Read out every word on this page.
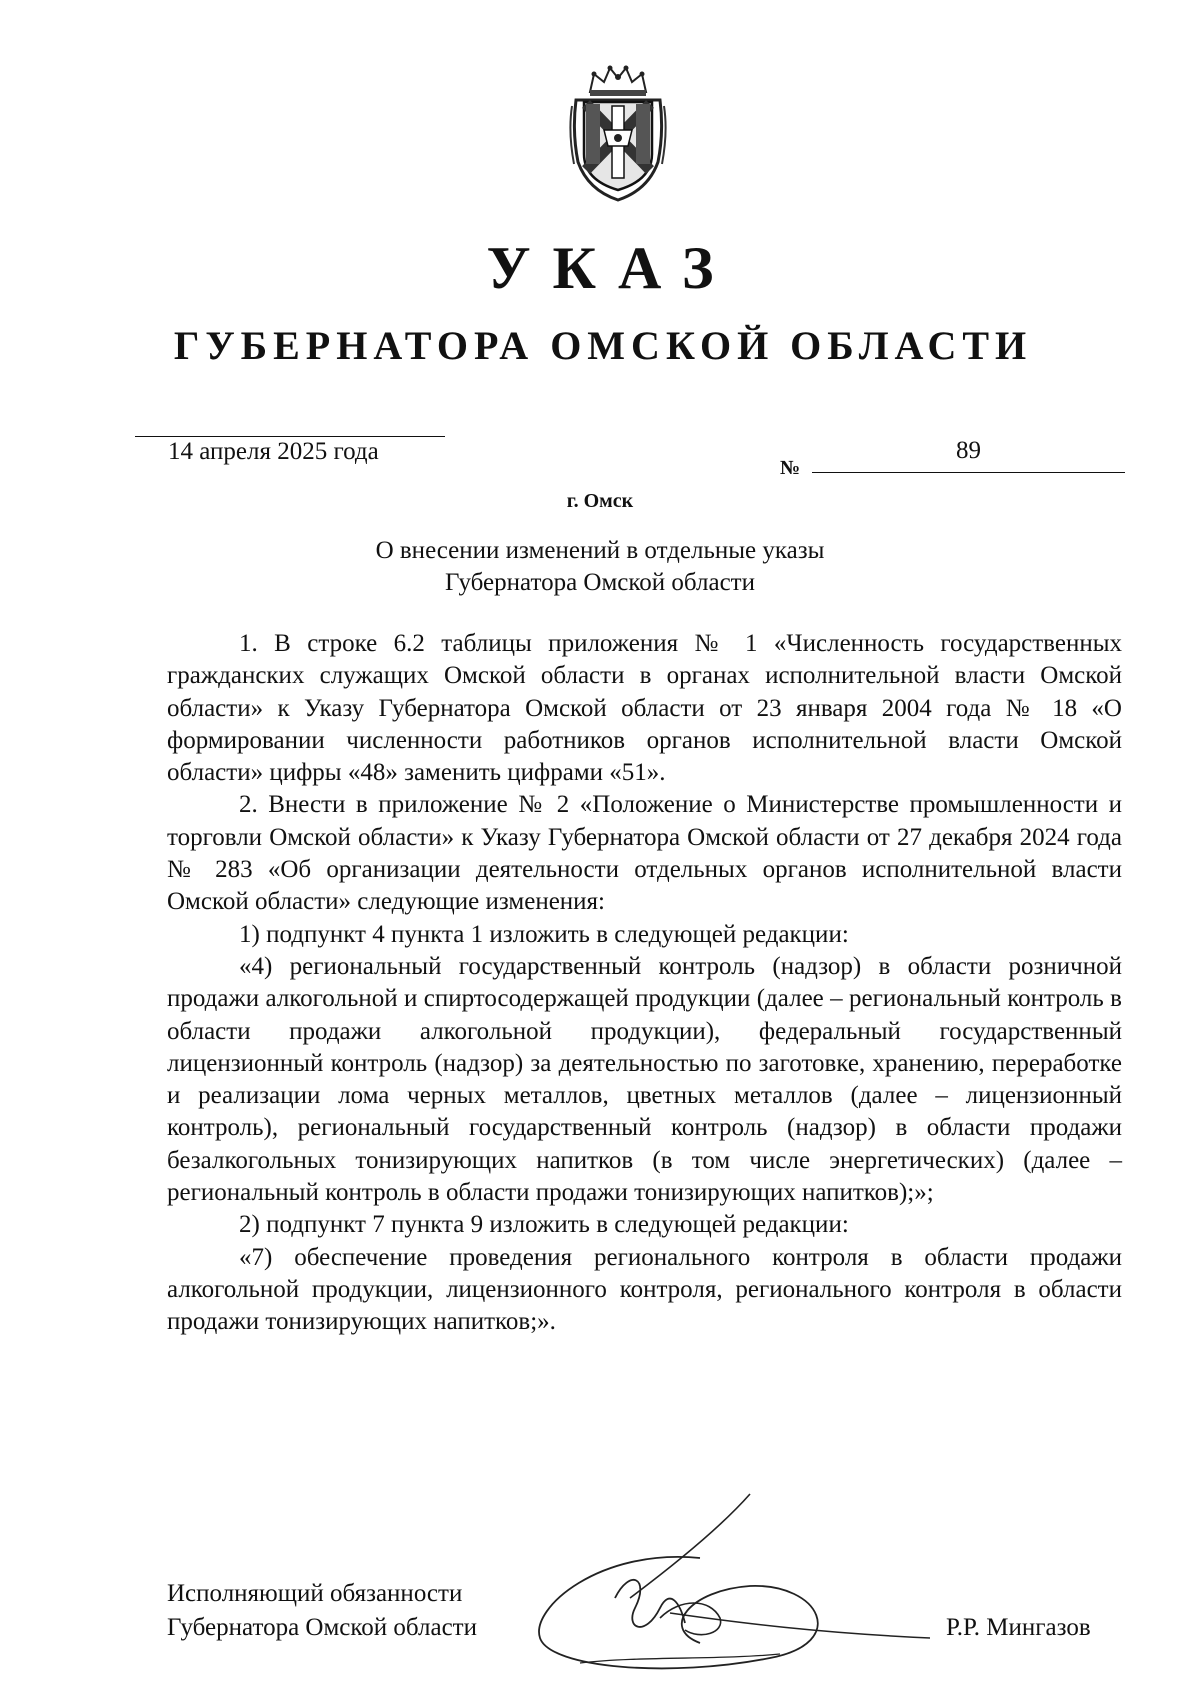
УКАЗ
ГУБЕРНАТОРА ОМСКОЙ ОБЛАСТИ
14 апреля 2025 года
№
89
г. Омск
О внесении изменений в отдельные указы
Губернатора Омской области

1. В строке 6.2 таблицы приложения № 1 «Численность государственных гражданских служащих Омской области в органах исполнительной власти Омской области» к Указу Губернатора Омской области от 23 января 2004 года № 18 «О формировании численности работников органов исполнительной власти Омской области» цифры «48» заменить цифрами «51».

2. Внести в приложение № 2 «Положение о Министерстве промышленности и торговли Омской области» к Указу Губернатора Омской области от 27 декабря 2024 года № 283 «Об организации деятельности отдельных органов исполнительной власти Омской области» следующие изменения:

1) подпункт 4 пункта 1 изложить в следующей редакции:

«4) региональный государственный контроль (надзор) в области розничной продажи алкогольной и спиртосодержащей продукции (далее – региональный контроль в области продажи алкогольной продукции), федеральный государственный лицензионный контроль (надзор) за деятельностью по заготовке, хранению, переработке и реализации лома черных металлов, цветных металлов (далее – лицензионный контроль), региональный государственный контроль (надзор) в области продажи безалкогольных тонизирующих напитков (в том числе энергетических) (далее – региональный контроль в области продажи тонизирующих напитков);»;

2) подпункт 7 пункта 9 изложить в следующей редакции:

«7) обеспечение проведения регионального контроля в области продажи алкогольной продукции, лицензионного контроля, регионального контроля в области продажи тонизирующих напитков;».

Исполняющий обязанности
Губернатора Омской области	Р.Р. Мингазов
